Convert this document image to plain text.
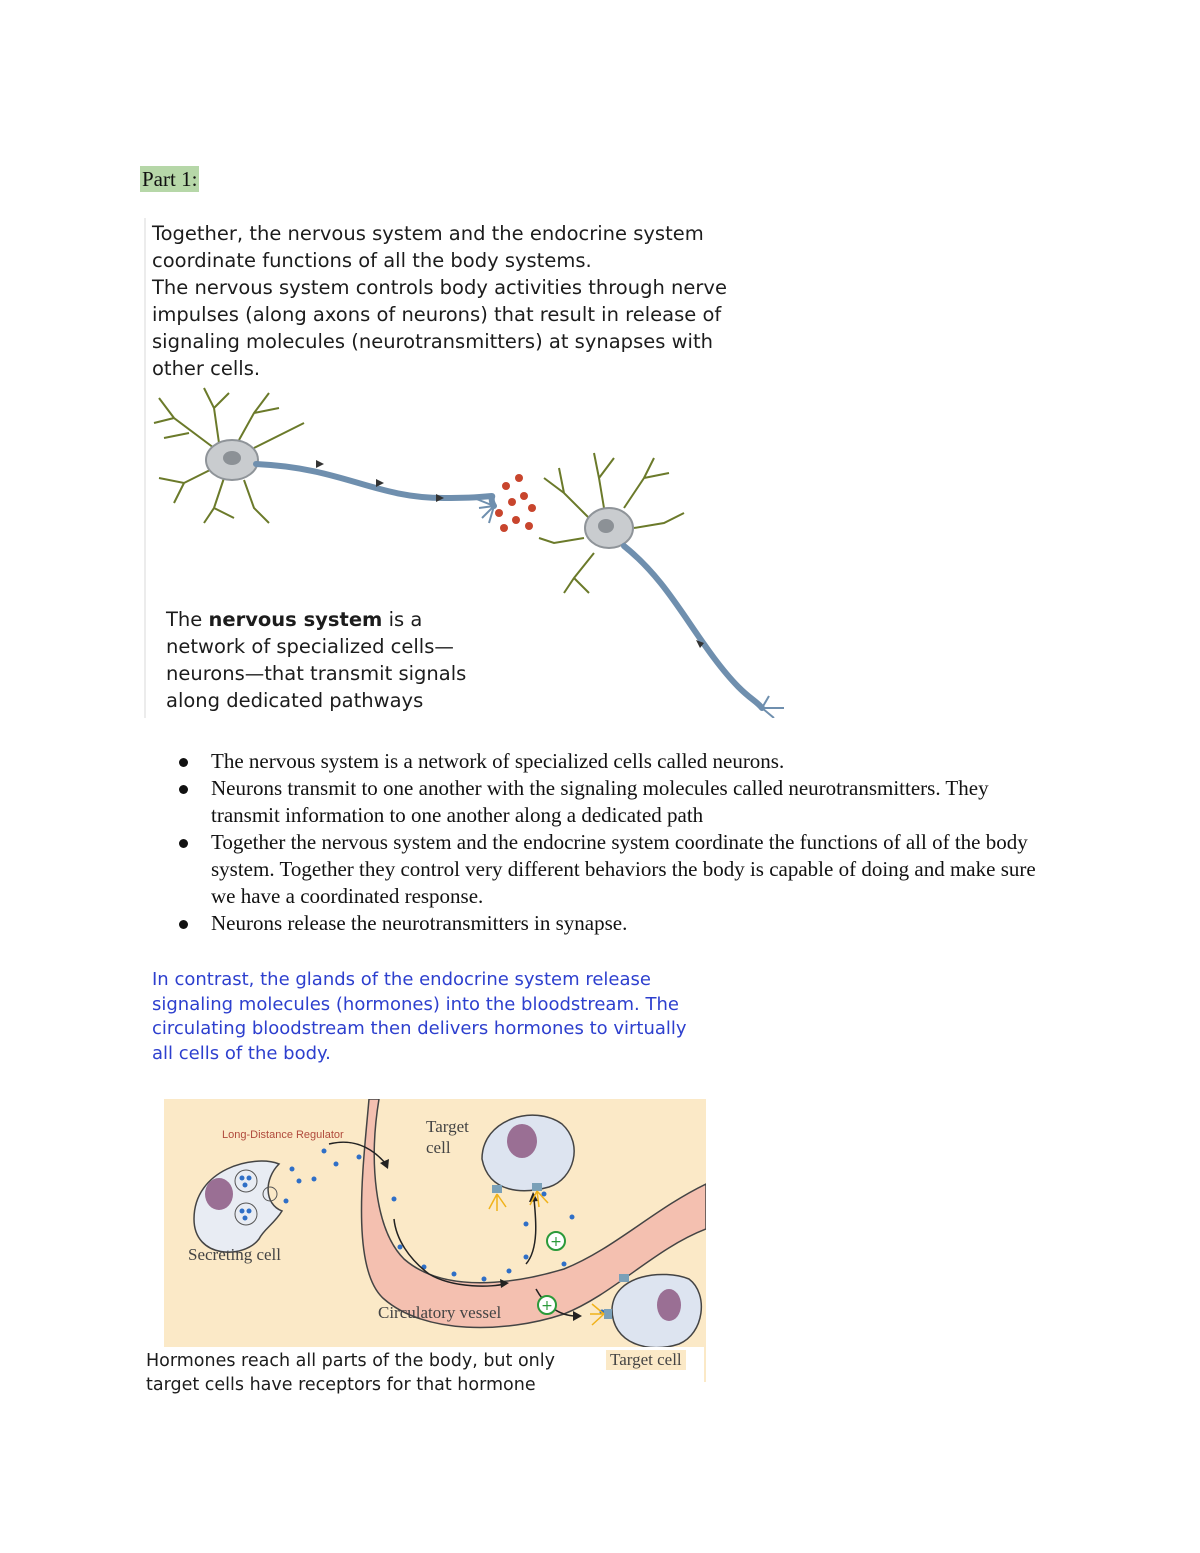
Part 1:

Together, the nervous system and the endocrine system

coordinate functions of all the body systems.

The nervous system controls body activities through nerve

impulses (along axons of neurons) that result in release of

signaling molecules (neurotransmitters) at synapses with

other cells.

The nervous system is a
network of specialized cells—
neurons—that transmit signals
along dedicated pathways
The nervous system is a network of specialized cells called neurons.
Neurons transmit to one another with the signaling molecules called neurotransmitters. They transmit information to one another along a dedicated path
Together the nervous system and the endocrine system coordinate the functions of all of the body system. Together they control very different behaviors the body is capable of doing and make sure we have a coordinated response.
Neurons release the neurotransmitters in synapse.
In contrast, the glands of the endocrine system release
signaling molecules (hormones) into the bloodstream. The
circulating bloodstream then delivers hormones to virtually
all cells of the body.
+
+
Long-Distance Regulator
Secreting cell
Target
cell
Circulatory vessel
Hormones reach all parts of the body, but only
target cells have receptors for that hormone
Target cell
